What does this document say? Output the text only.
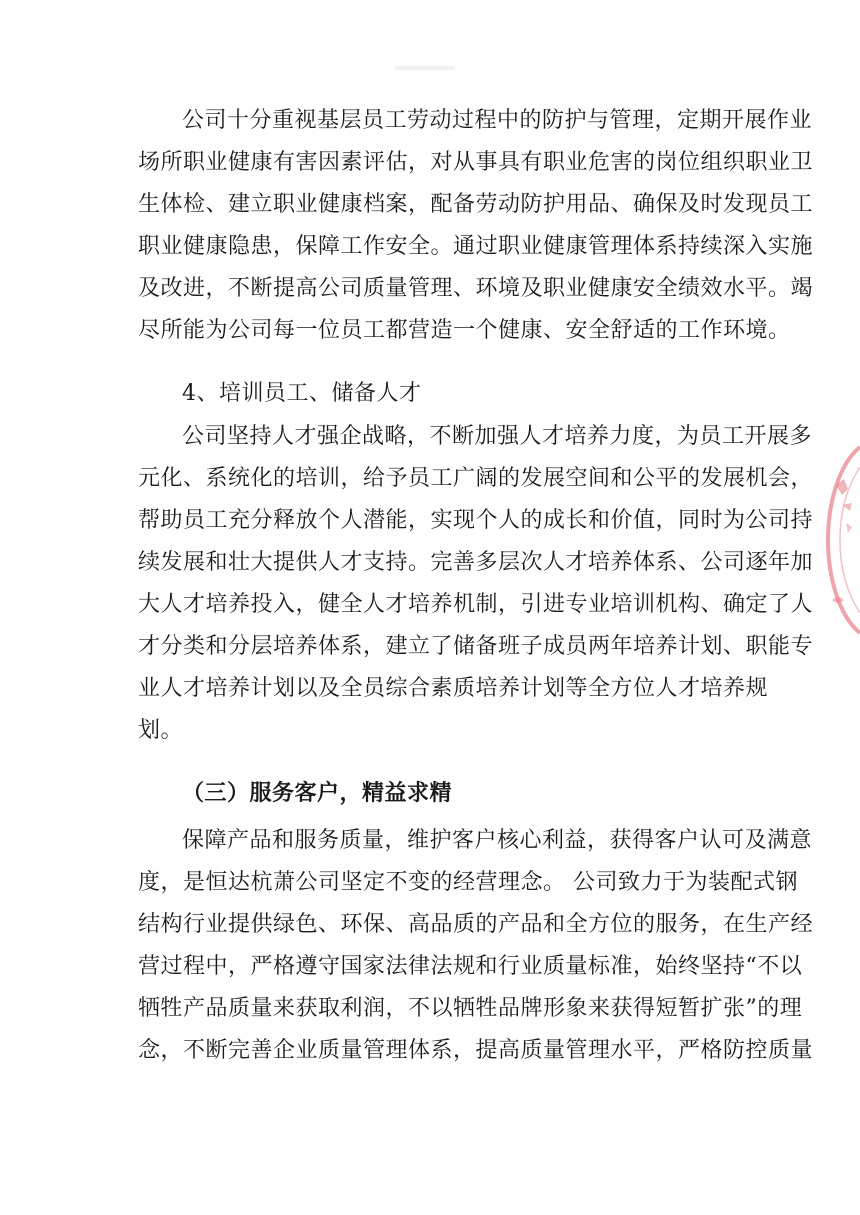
公司十分重视基层员工劳动过程中的防护与管理，定期开展作业
场所职业健康有害因素评估，对从事具有职业危害的岗位组织职业卫
生体检、建立职业健康档案，配备劳动防护用品、确保及时发现员工
职业健康隐患，保障工作安全。通过职业健康管理体系持续深入实施
及改进，不断提高公司质量管理、环境及职业健康安全绩效水平。竭
尽所能为公司每一位员工都营造一个健康、安全舒适的工作环境。
4、培训员工、储备人才
公司坚持人才强企战略，不断加强人才培养力度，为员工开展多
元化、系统化的培训，给予员工广阔的发展空间和公平的发展机会，
帮助员工充分释放个人潜能，实现个人的成长和价值，同时为公司持
续发展和壮大提供人才支持。完善多层次人才培养体系、公司逐年加
大人才培养投入，健全人才培养机制，引进专业培训机构、确定了人
才分类和分层培养体系，建立了储备班子成员两年培养计划、职能专
业人才培养计划以及全员综合素质培养计划等全方位人才培养规
划。
（三）服务客户，精益求精
保障产品和服务质量，维护客户核心利益，获得客户认可及满意
度，是恒达杭萧公司坚定不变的经营理念。 公司致力于为装配式钢
结构行业提供绿色、环保、高品质的产品和全方位的服务，在生产经
营过程中，严格遵守国家法律法规和行业质量标准，始终坚持“不以
牺牲产品质量来获取利润，不以牺牲品牌形象来获得短暂扩张”的理
念，不断完善企业质量管理体系，提高质量管理水平，严格防控质量
